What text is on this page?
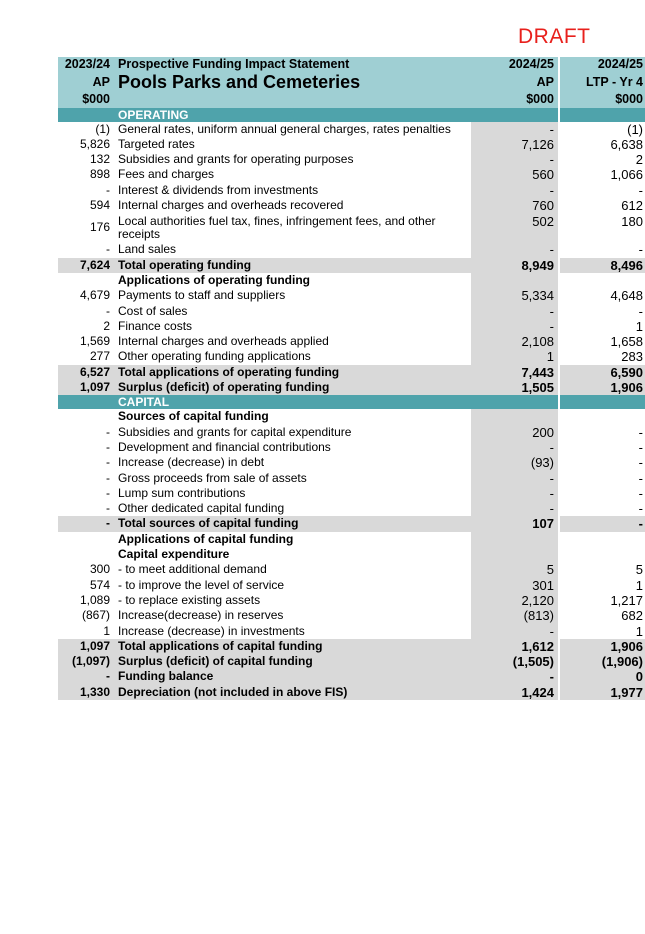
DRAFT
2023/24	Prospective Funding Impact Statement	2024/25		2024/25
AP	Pools Parks and Cemeteries	AP		LTP - Yr 4
$000		$000		$000
	OPERATING			
(1)	General rates, uniform annual general charges, rates penalties	-		(1)
5,826	Targeted rates	7,126		6,638
132	Subsidies and grants for operating purposes	-		2
898	Fees and charges	560		1,066
-	Interest & dividends from investments	-		-
594	Internal charges and overheads recovered	760		612
176	Local authorities fuel tax, fines, infringement fees, and other receipts	502		180
-	Land sales	-		-
7,624	Total operating funding	8,949		8,496
	Applications of operating funding			
4,679	Payments to staff and suppliers	5,334		4,648
-	Cost of sales	-		-
2	Finance costs	-		1
1,569	Internal charges and overheads applied	2,108		1,658
277	Other operating funding applications	1		283
6,527	Total applications of operating funding	7,443		6,590
1,097	Surplus (deficit) of operating funding	1,505		1,906
	CAPITAL			
	Sources of capital funding			
-	Subsidies and grants for capital expenditure	200		-
-	Development and financial contributions	-		-
-	Increase (decrease) in debt	(93)		-
-	Gross proceeds from sale of assets	-		-
-	Lump sum contributions	-		-
-	Other dedicated capital funding	-		-
-	Total sources of capital funding	107		-
	Applications of capital funding			
	Capital expenditure			
300	- to meet additional demand	5		5
574	- to improve the level of service	301		1
1,089	- to replace existing assets	2,120		1,217
(867)	Increase(decrease) in reserves	(813)		682
1	Increase (decrease) in investments	-		1
1,097	Total applications of capital funding	1,612		1,906
(1,097)	Surplus (deficit) of capital funding	(1,505)		(1,906)
-	Funding balance	-		0
1,330	Depreciation (not included in above FIS)	1,424		1,977
